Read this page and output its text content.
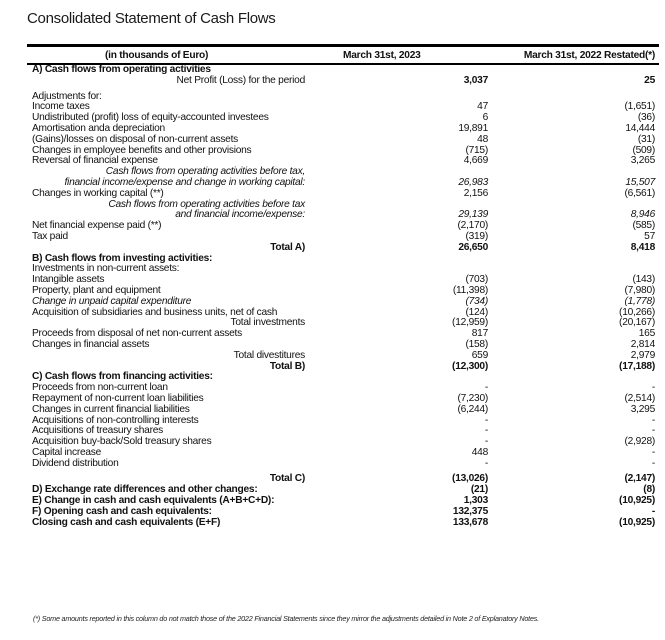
Consolidated Statement of Cash Flows
(in thousands of Euro)	March 31st, 2023	March 31st, 2022 Restated(*)
A) Cash flows from operating activities
Net Profit (Loss) for the period	3,037	25
Adjustments for:
Income taxes	47	(1,651)
Undistributed (profit) loss of equity-accounted investees	6	(36)
Amortisation anda depreciation	19,891	14,444
(Gains)/losses on disposal of non-current assets	48	(31)
Changes in employee benefits and other provisions	(715)	(509)
Reversal of financial expense	4,669	3,265
Cash flows from operating activities before tax,
financial income/expense and change in working capital:	26,983	15,507
Changes in working capital (**)	2,156	(6,561)
Cash flows from operating activities before tax
and financial income/expense:	29,139	8,946
Net financial expense paid (**)	(2,170)	(585)
Tax paid	(319)	57
Total A)	26,650	8,418
B) Cash flows from investing activities:
Investments in non-current assets:
Intangible assets	(703)	(143)
Property, plant and equipment	(11,398)	(7,980)
Change in unpaid capital expenditure	(734)	(1,778)
Acquisition of subsidiaries and business units, net of cash	(124)	(10,266)
Total investments	(12,959)	(20,167)
Proceeds from disposal of net non-current assets	817	165
Changes in financial assets	(158)	2,814
Total divestitures	659	2,979
Total B)	(12,300)	(17,188)
C) Cash flows from financing activities:
Proceeds from non-current loan	-	-
Repayment of non-current loan liabilities	(7,230)	(2,514)
Changes in current financial liabilities	(6,244)	3,295
Acquisitions of non-controlling interests	-	-
Acquisitions of treasury shares	-	-
Acquisition buy-back/Sold treasury shares	-	(2,928)
Capital increase	448	-
Dividend distribution	-	-
Total C)	(13,026)	(2,147)
D) Exchange rate differences and other changes:	(21)	(8)
E) Change in cash and cash equivalents (A+B+C+D):	1,303	(10,925)
F) Opening cash and cash equivalents:	132,375	-
Closing cash and cash equivalents (E+F)	133,678	(10,925)
(*) Some amounts reported in this column do not match those of the 2022 Financial Statements since they mirror the adjustments detailed in Note 2 of Explanatory Notes.
